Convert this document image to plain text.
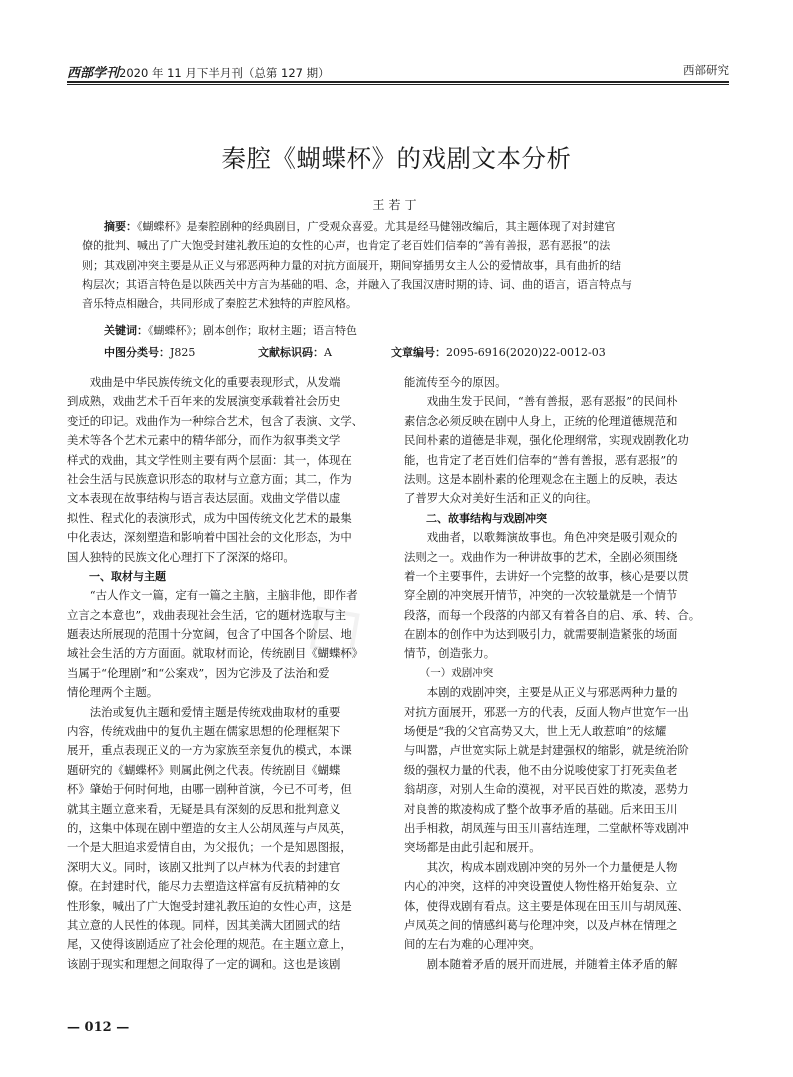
西部学刊2020 年 11 月下半月刊（总第 127 期）	西部研究
◇
秦腔《蝴蝶杯》的戏剧文本分析
王若丁
摘要：《蝴蝶杯》是秦腔剧种的经典剧目，广受观众喜爱。尤其是经马健翎改编后，其主题体现了对封建官
僚的批判、喊出了广大饱受封建礼教压迫的女性的心声，也肯定了老百姓们信奉的“善有善报，恶有恶报”的法
则；其戏剧冲突主要是从正义与邪恶两种力量的对抗方面展开，期间穿插男女主人公的爱情故事，具有曲折的结
构层次；其语言特色是以陕西关中方言为基础的唱、念，并融入了我国汉唐时期的诗、词、曲的语言，语言特点与
音乐特点相融合，共同形成了秦腔艺术独特的声腔风格。
关键词：《蝴蝶杯》；剧本创作；取材主题；语言特色
中图分类号：J825	文献标识码：A	文章编号：2095-6916(2020)22-0012-03
　　戏曲是中华民族传统文化的重要表现形式，从发端
到成熟，戏曲艺术千百年来的发展演变承载着社会历史
变迁的印记。戏曲作为一种综合艺术，包含了表演、文学、
美术等各个艺术元素中的精华部分，而作为叙事类文学
样式的戏曲，其文学性则主要有两个层面：其一，体现在
社会生活与民族意识形态的取材与立意方面；其二，作为
文本表现在故事结构与语言表达层面。戏曲文学借以虚
拟性、程式化的表演形式，成为中国传统文化艺术的最集
中化表达，深刻塑造和影响着中国社会的文化形态，为中
国人独特的民族文化心理打下了深深的烙印。
　　一、取材与主题
　　“古人作文一篇，定有一篇之主脑，主脑非他，即作者
立言之本意也”，戏曲表现社会生活，它的题材选取与主
题表达所展现的范围十分宽阔，包含了中国各个阶层、地
域社会生活的方方面面。就取材而论，传统剧目《蝴蝶杯》
当属于“伦理剧”和“公案戏”，因为它涉及了法治和爱
情伦理两个主题。
　　法治或复仇主题和爱情主题是传统戏曲取材的重要
内容，传统戏曲中的复仇主题在儒家思想的伦理框架下
展开，重点表现正义的一方为家族至亲复仇的模式，本课
题研究的《蝴蝶杯》则属此例之代表。传统剧目《蝴蝶
杯》肇始于何时何地，由哪一剧种首演，今已不可考，但
就其主题立意来看，无疑是具有深刻的反思和批判意义
的，这集中体现在剧中塑造的女主人公胡凤莲与卢凤英，
一个是大胆追求爱情自由，为父报仇；一个是知恩图报，
深明大义。同时，该剧又批判了以卢林为代表的封建官
僚。在封建时代，能尽力去塑造这样富有反抗精神的女
性形象，喊出了广大饱受封建礼教压迫的女性心声，这是
其立意的人民性的体现。同样，因其美满大团圆式的结
尾，又使得该剧适应了社会伦理的规范。在主题立意上，
该剧于现实和理想之间取得了一定的调和。这也是该剧
能流传至今的原因。
　　戏曲生发于民间，“善有善报，恶有恶报”的民间朴
素信念必须反映在剧中人身上，正统的伦理道德规范和
民间朴素的道德是非观，强化伦理纲常，实现戏剧教化功
能，也肯定了老百姓们信奉的“善有善报，恶有恶报”的
法则。这是本剧朴素的伦理观念在主题上的反映，表达
了普罗大众对美好生活和正义的向往。
　　二、故事结构与戏剧冲突
　　戏曲者，以歌舞演故事也。角色冲突是吸引观众的
法则之一。戏曲作为一种讲故事的艺术，全剧必须围绕
着一个主要事件，去讲好一个完整的故事，核心是要以贯
穿全剧的冲突展开情节，冲突的一次较量就是一个情节
段落，而每一个段落的内部又有着各自的启、承、转、合。
在剧本的创作中为达到吸引力，就需要制造紧张的场面
情节，创造张力。
　　（一）戏剧冲突
　　本剧的戏剧冲突，主要是从正义与邪恶两种力量的
对抗方面展开，邪恶一方的代表，反面人物卢世宽乍一出
场便是“我的父官高势又大，世上无人敢惹咱”的炫耀
与叫嚣，卢世宽实际上就是封建强权的缩影，就是统治阶
级的强权力量的代表，他不由分说唆使家丁打死卖鱼老
翁胡彦，对别人生命的漠视，对平民百姓的欺凌，恶势力
对良善的欺凌构成了整个故事矛盾的基础。后来田玉川
出手相救，胡凤莲与田玉川喜结连理，二堂献杯等戏剧冲
突场都是由此引起和展开。
　　其次，构成本剧戏剧冲突的另外一个力量便是人物
内心的冲突，这样的冲突设置使人物性格开始复杂、立
体，使得戏剧有看点。这主要是体现在田玉川与胡凤莲、
卢凤英之间的情感纠葛与伦理冲突，以及卢林在情理之
间的左右为难的心理冲突。
　　剧本随着矛盾的展开而进展，并随着主体矛盾的解
— 012 —
